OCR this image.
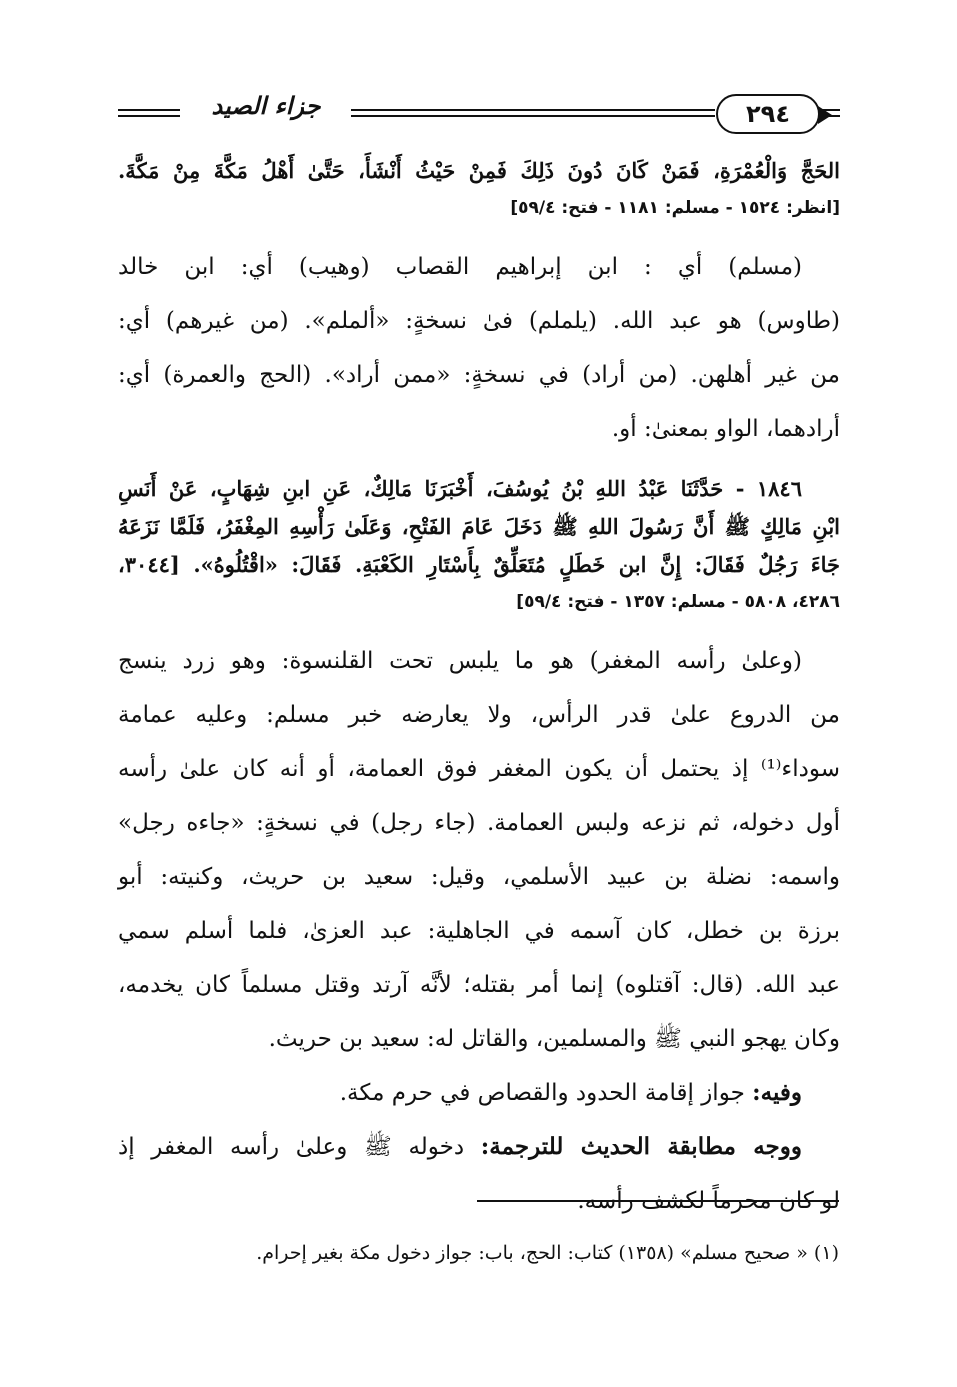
جزاء الصيد	٢٩٤

الحَجَّ وَالْعُمْرَةِ، فَمَنْ كَانَ دُونَ ذَلِكَ فَمِنْ حَيْثُ أَنْشَأَ، حَتَّىٰ أَهْلُ مَكَّةَ مِنْ مَكَّةَ.

[انظر: ١٥٢٤ - مسلم: ١١٨١ - فتح: ٥٩/٤]

(مسلم) أي : ابن إبراهيم القصاب (وهيب) أي: ابن خالد

(طاوس) هو عبد الله. (يلملم) فىٰ نسخةٍ: «ألملم». (من غيرهم) أي:

من غير أهلهن. (من أراد) في نسخةٍ: «ممن أراد». (الحج والعمرة) أي:

أرادهما، الواو بمعنىٰ: أو.

١٨٤٦ - حَدَّثَنَا عَبْدُ اللهِ بْنُ يُوسُفَ، أَخْبَرَنَا مَالِكٌ، عَنِ ابنِ شِهَابٍ، عَنْ أَنَسِ

ابْنِ مَالِكٍ ﷺ أَنَّ رَسُولَ اللهِ ﷺ دَخَلَ عَامَ الفَتْحِ، وَعَلَىٰ رَأْسِهِ المِغْفَرُ، فَلَمَّا نَزَعَهُ

جَاءَ رَجُلٌ فَقَالَ: إِنَّ ابن خَطَلٍ مُتَعَلِّقٌ بِأَسْتَارِ الكَعْبَةِ. فَقَالَ: «اقْتُلُوهُ». [٣٠٤٤،

٤٢٨٦، ٥٨٠٨ - مسلم: ١٣٥٧ - فتح: ٥٩/٤]

(وعلىٰ رأسه المغفر) هو ما يلبس تحت القلنسوة: وهو زرد ينسج

من الدروع علىٰ قدر الرأس، ولا يعارضه خبر مسلم: وعليه عمامة

سوداء⁽¹⁾ إذ يحتمل أن يكون المغفر فوق العمامة، أو أنه كان علىٰ رأسه

أول دخوله، ثم نزعه ولبس العمامة. (جاء رجل) في نسخةٍ: «جاءه رجل»

واسمه: نضلة بن عبيد الأسلمي، وقيل: سعيد بن حريث، وكنيته: أبو

برزة بن خطل، كان آسمه في الجاهلية: عبد العزىٰ، فلما أسلم سمي

عبد الله. (قال: آقتلوه) إنما أمر بقتله؛ لأنَّه آرتد وقتل مسلماً كان يخدمه،

وكان يهجو النبي ﷺ والمسلمين، والقاتل له: سعيد بن حريث.

وفيه: جواز إقامة الحدود والقصاص في حرم مكة.

ووجه مطابقة الحديث للترجمة: دخوله ﷺ وعلىٰ رأسه المغفر إذ

لو كان محرماً لكشف رأسه.

(١) « صحيح مسلم» (١٣٥٨) كتاب: الحج، باب: جواز دخول مكة بغير إحرام.
